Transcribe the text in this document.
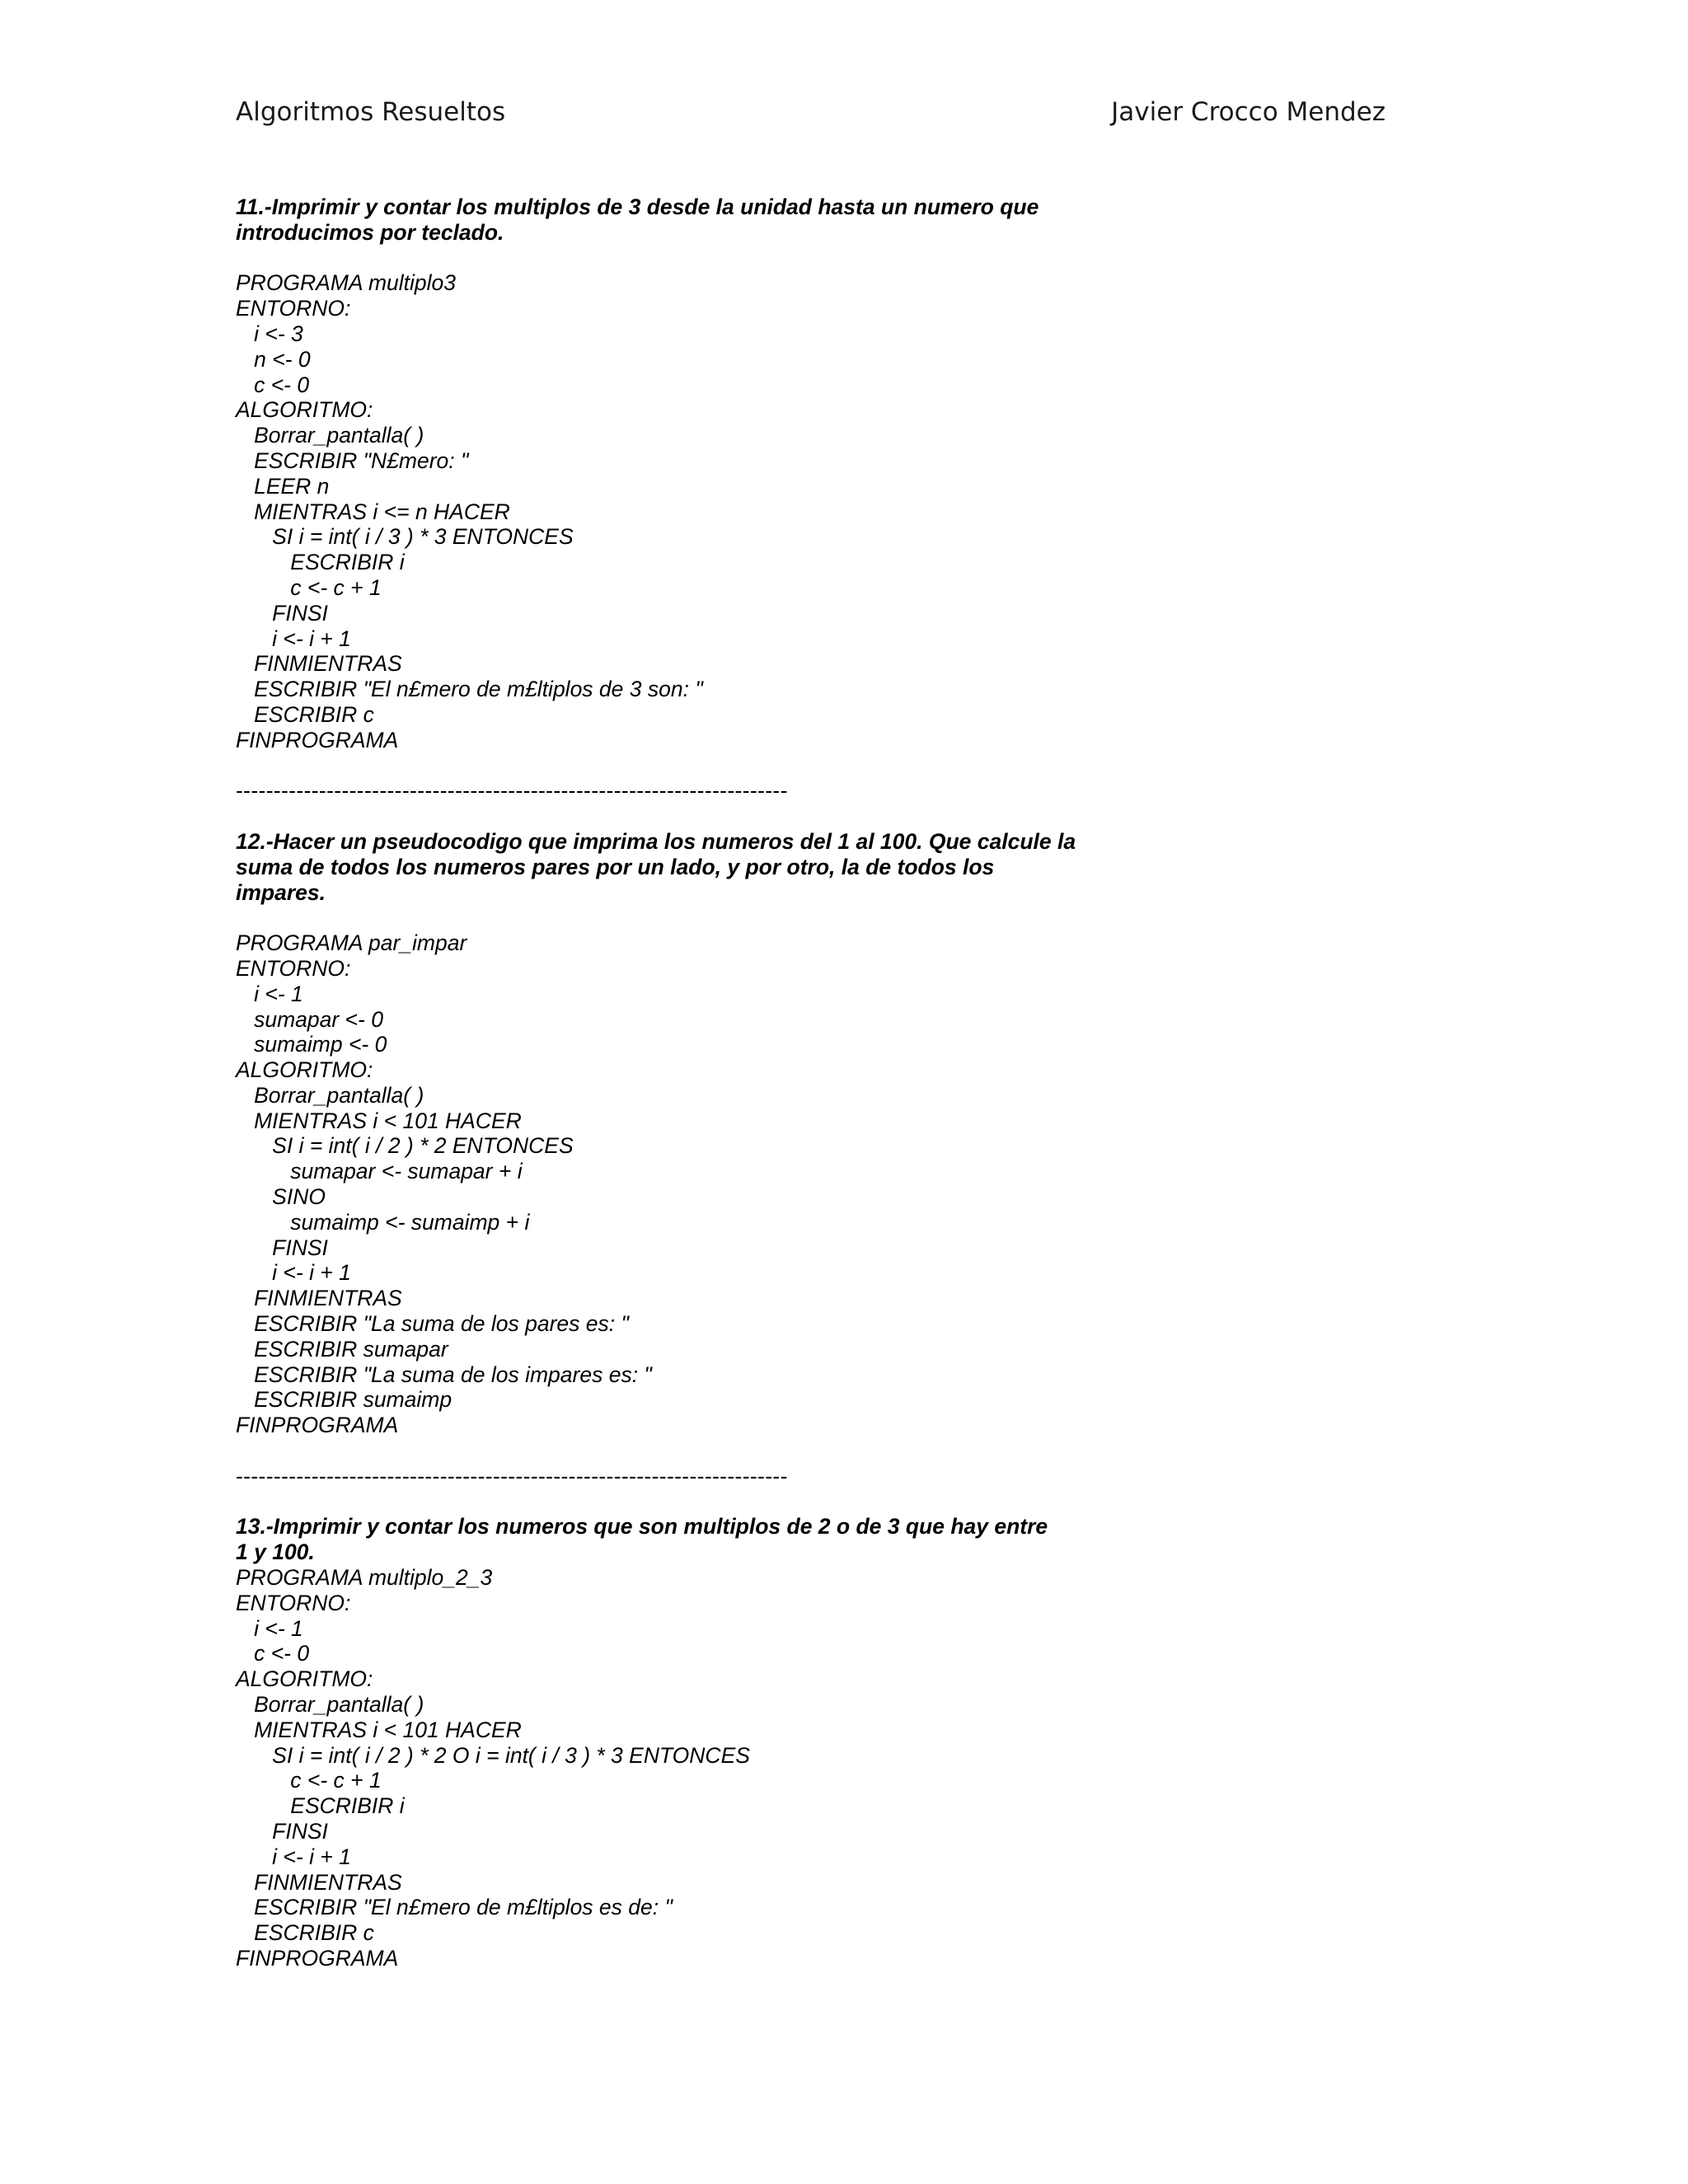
Algoritmos Resueltos	Javier Crocco Mendez
11.-Imprimir y contar los multiplos de 3 desde la unidad hasta un numero que
introducimos por teclado.
PROGRAMA multiplo3
ENTORNO:
i <- 3
n <- 0
c <- 0
ALGORITMO:
Borrar_pantalla( )
ESCRIBIR "N£mero: "
LEER n
MIENTRAS i <= n HACER
SI i = int( i / 3 ) * 3 ENTONCES
ESCRIBIR i
c <- c + 1
FINSI
i <- i + 1
FINMIENTRAS
ESCRIBIR "El n£mero de m£ltiplos de 3 son: "
ESCRIBIR c
FINPROGRAMA
-------------------------------------------------------------------------
12.-Hacer un pseudocodigo que imprima los numeros del 1 al 100. Que calcule la
suma de todos los numeros pares por un lado, y por otro, la de todos los
impares.
PROGRAMA par_impar
ENTORNO:
i <- 1
sumapar <- 0
sumaimp <- 0
ALGORITMO:
Borrar_pantalla( )
MIENTRAS i < 101 HACER
SI i = int( i / 2 ) * 2 ENTONCES
sumapar <- sumapar + i
SINO
sumaimp <- sumaimp + i
FINSI
i <- i + 1
FINMIENTRAS
ESCRIBIR "La suma de los pares es: "
ESCRIBIR sumapar
ESCRIBIR "La suma de los impares es: "
ESCRIBIR sumaimp
FINPROGRAMA
-------------------------------------------------------------------------
13.-Imprimir y contar los numeros que son multiplos de 2 o de 3 que hay entre
1 y 100.
PROGRAMA multiplo_2_3
ENTORNO:
i <- 1
c <- 0
ALGORITMO:
Borrar_pantalla( )
MIENTRAS i < 101 HACER
SI i = int( i / 2 ) * 2 O i = int( i / 3 ) * 3 ENTONCES
c <- c + 1
ESCRIBIR i
FINSI
i <- i + 1
FINMIENTRAS
ESCRIBIR "El n£mero de m£ltiplos es de: "
ESCRIBIR c
FINPROGRAMA
